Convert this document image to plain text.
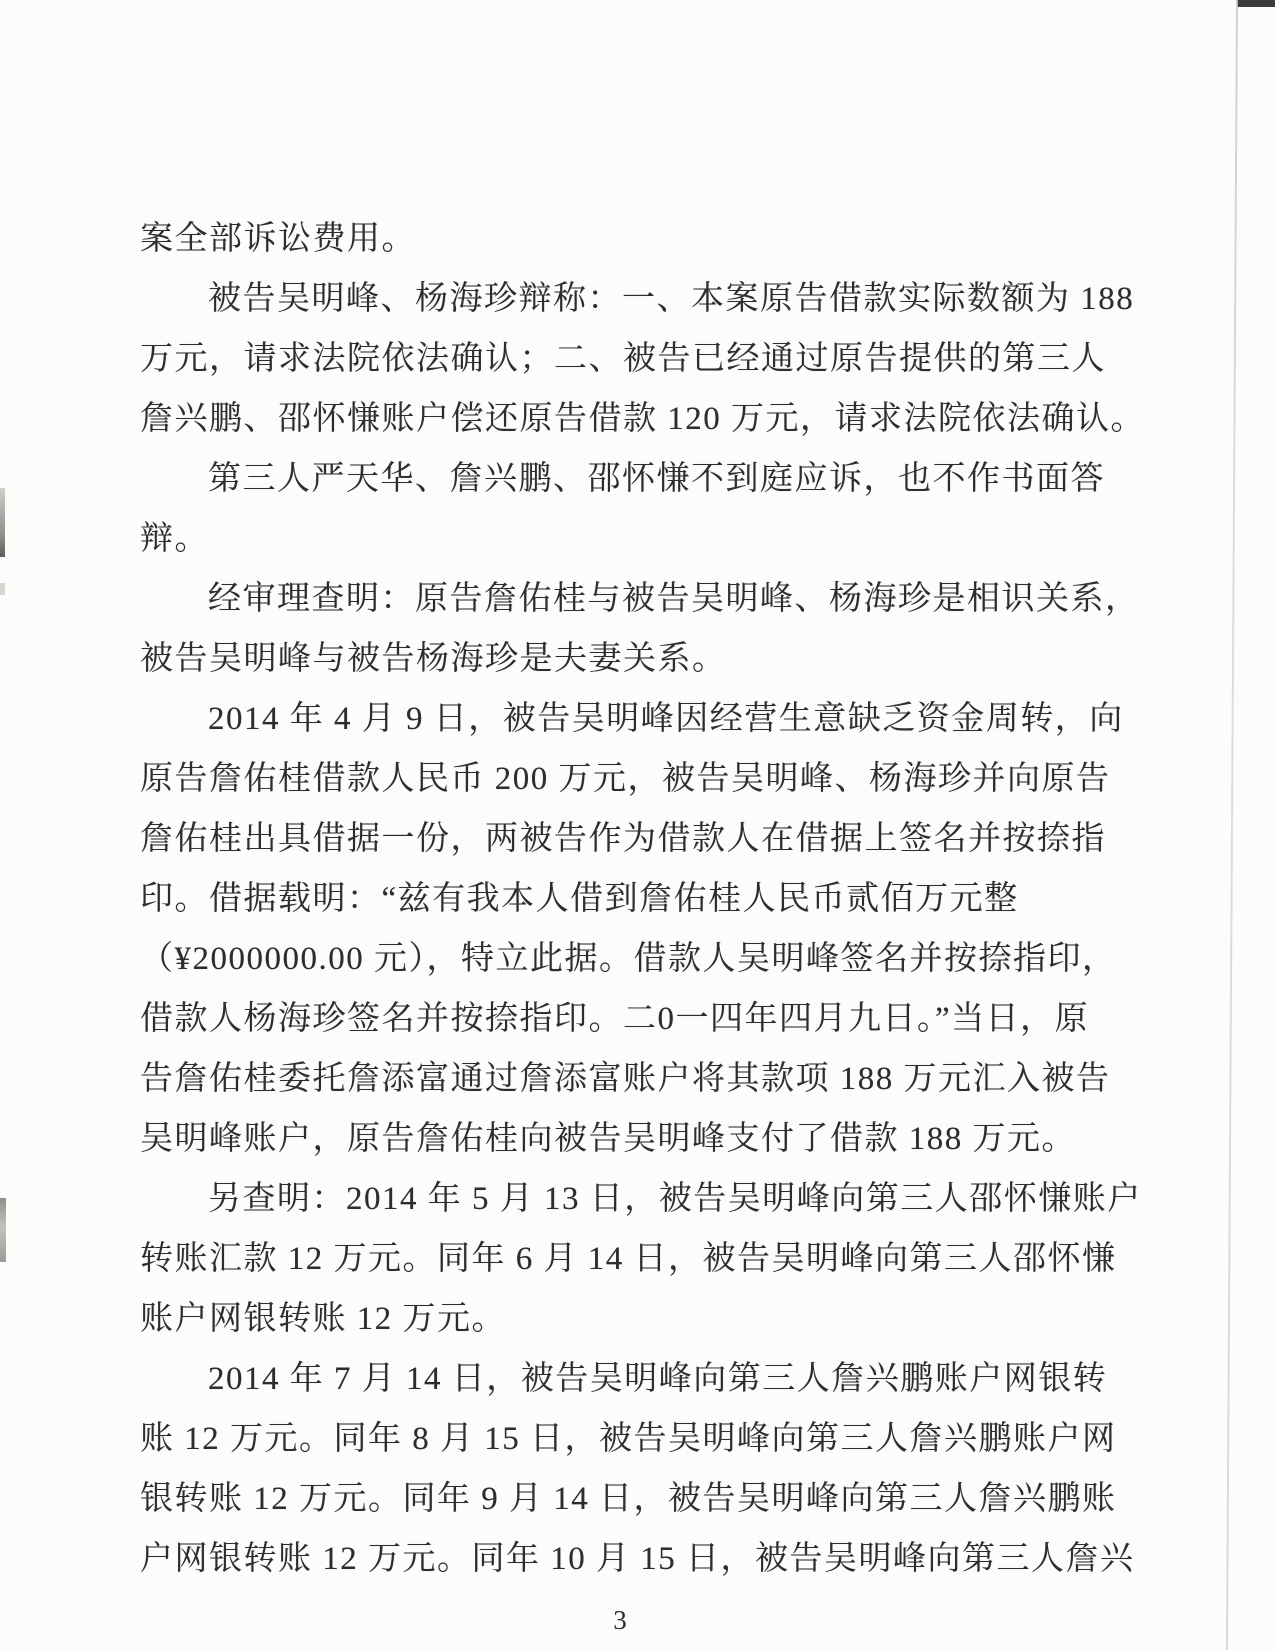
案全部诉讼费用。
被告吴明峰、杨海珍辩称：一、本案原告借款实际数额为 188
万元，请求法院依法确认；二、被告已经通过原告提供的第三人
詹兴鹏、邵怀慊账户偿还原告借款 120 万元，请求法院依法确认。
第三人严天华、詹兴鹏、邵怀慊不到庭应诉，也不作书面答
辩。
经审理查明：原告詹佑桂与被告吴明峰、杨海珍是相识关系，
被告吴明峰与被告杨海珍是夫妻关系。
2014 年 4 月 9 日，被告吴明峰因经营生意缺乏资金周转，向
原告詹佑桂借款人民币 200 万元，被告吴明峰、杨海珍并向原告
詹佑桂出具借据一份，两被告作为借款人在借据上签名并按捺指
印。借据载明：“兹有我本人借到詹佑桂人民币贰佰万元整
（¥2000000.00 元），特立此据。借款人吴明峰签名并按捺指印，
借款人杨海珍签名并按捺指印。二0一四年四月九日。”当日，原
告詹佑桂委托詹添富通过詹添富账户将其款项 188 万元汇入被告
吴明峰账户，原告詹佑桂向被告吴明峰支付了借款 188 万元。
另查明：2014 年 5 月 13 日，被告吴明峰向第三人邵怀慊账户
转账汇款 12 万元。同年 6 月 14 日，被告吴明峰向第三人邵怀慊
账户网银转账 12 万元。
2014 年 7 月 14 日，被告吴明峰向第三人詹兴鹏账户网银转
账 12 万元。同年 8 月 15 日，被告吴明峰向第三人詹兴鹏账户网
银转账 12 万元。同年 9 月 14 日，被告吴明峰向第三人詹兴鹏账
户网银转账 12 万元。同年 10 月 15 日，被告吴明峰向第三人詹兴
3
